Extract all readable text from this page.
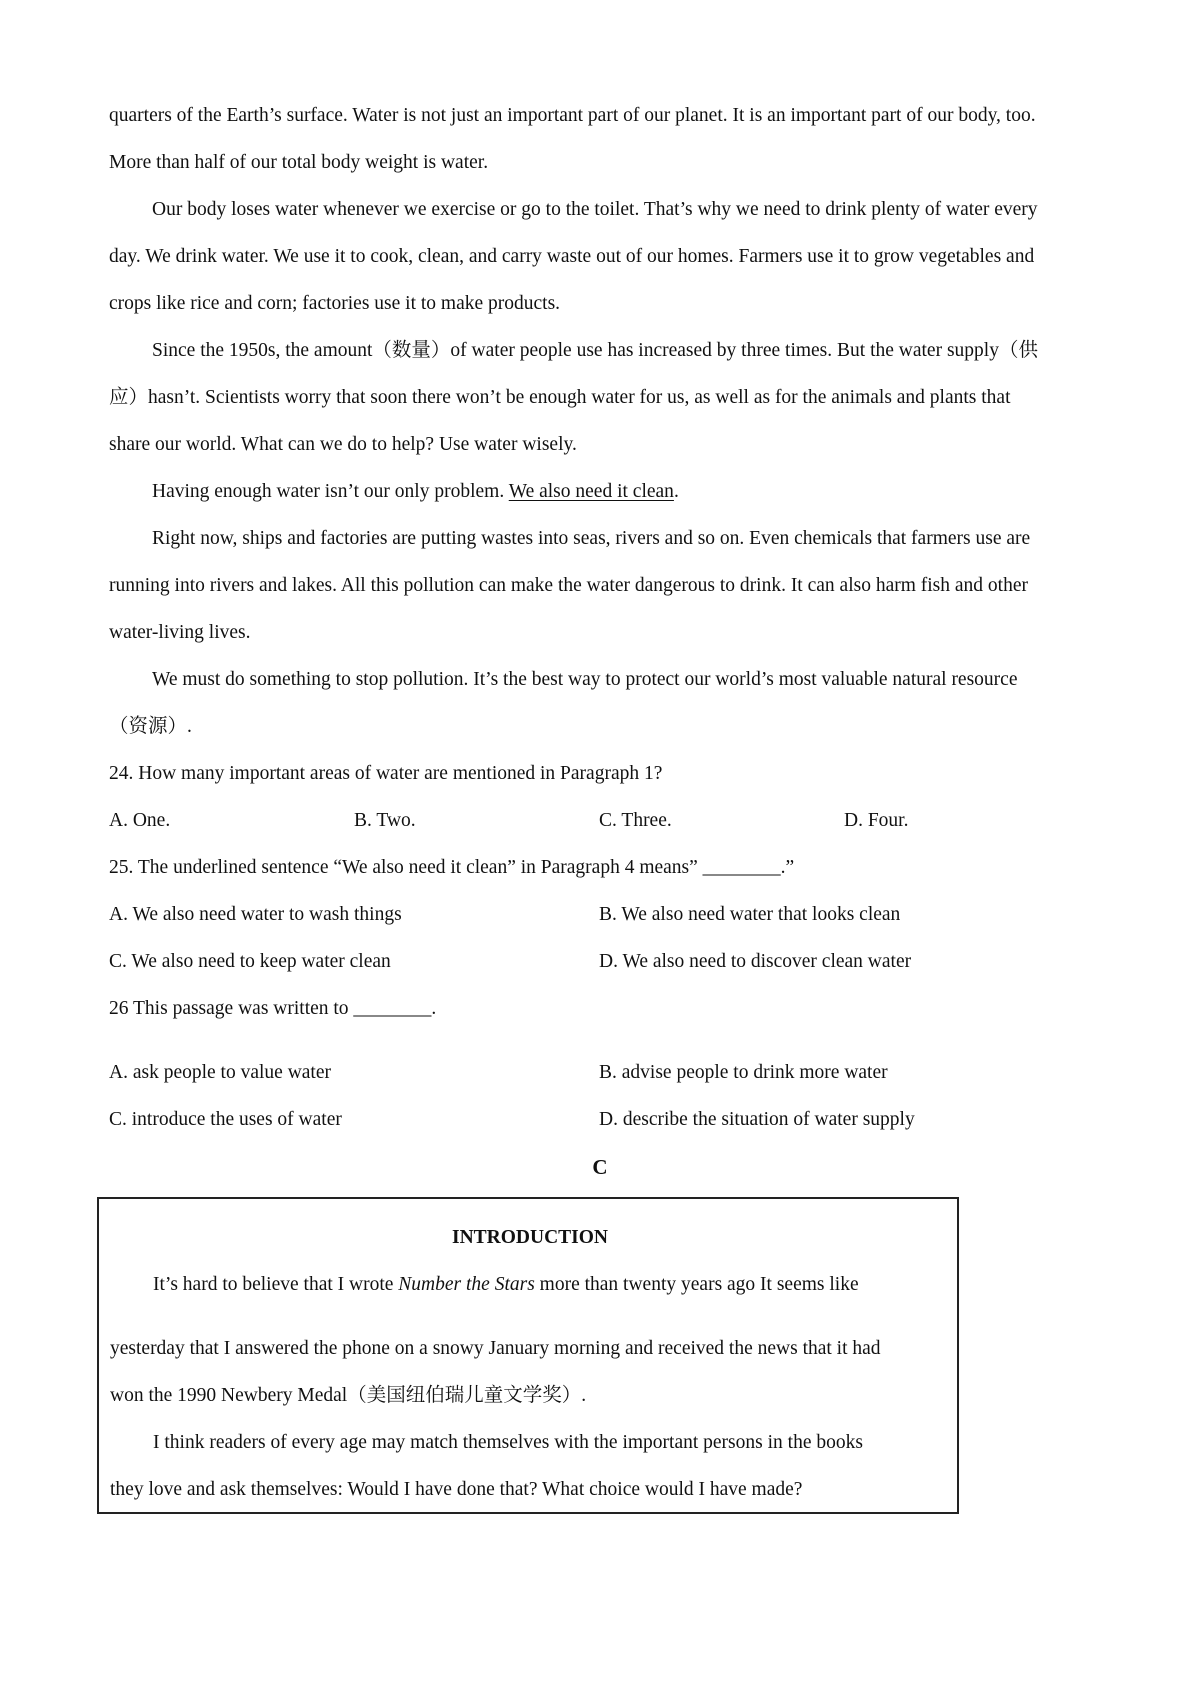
quarters of the Earth’s surface. Water is not just an important part of our planet. It is an important part of our body, too.
More than half of our total body weight is water.
Our body loses water whenever we exercise or go to the toilet. That’s why we need to drink plenty of water every
day. We drink water. We use it to cook, clean, and carry waste out of our homes. Farmers use it to grow vegetables and
crops like rice and corn; factories use it to make products.
Since the 1950s, the amount（数量）of water people use has increased by three times. But the water supply（供
应）hasn’t. Scientists worry that soon there won’t be enough water for us, as well as for the animals and plants that
share our world. What can we do to help? Use water wisely.
Having enough water isn’t our only problem. We also need it clean.
Right now, ships and factories are putting wastes into seas, rivers and so on. Even chemicals that farmers use are
running into rivers and lakes. All this pollution can make the water dangerous to drink. It can also harm fish and other
water-living lives.
We must do something to stop pollution. It’s the best way to protect our world’s most valuable natural resource
（资源）.
24. How many important areas of water are mentioned in Paragraph 1?
A. One.	B. Two.	C. Three.	D. Four.
25. The underlined sentence “We also need it clean” in Paragraph 4 means” ________.”
A. We also need water to wash things	B. We also need water that looks clean
C. We also need to keep water clean	D. We also need to discover clean water
26 This passage was written to ________.
A. ask people to value water	B. advise people to drink more water
C. introduce the uses of water	D. describe the situation of water supply
C
INTRODUCTION
It’s hard to believe that I wrote Number the Stars more than twenty years ago It seems like
yesterday that I answered the phone on a snowy January morning and received the news that it had
won the 1990 Newbery Medal（美国纽伯瑞儿童文学奖）.
I think readers of every age may match themselves with the important persons in the books
they love and ask themselves: Would I have done that? What choice would I have made?
